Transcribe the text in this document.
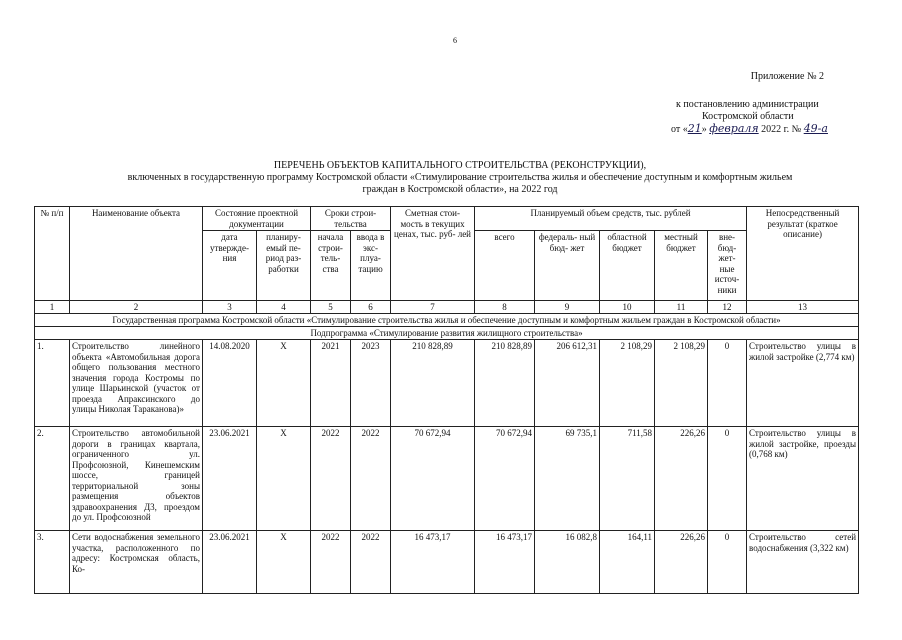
6
Приложение № 2
к постановлению администрации
Костромской области
от «21» февраля 2022 г. № 49-а
ПЕРЕЧЕНЬ ОБЪЕКТОВ КАПИТАЛЬНОГО СТРОИТЕЛЬСТВА (РЕКОНСТРУКЦИИ),
включенных в государственную программу Костромской области «Стимулирование строительства жилья и обеспечение доступным и комфортным жильем
граждан в Костромской области», на 2022 год
№ п/п	Наименование объекта	Состояние проектной документации		Сроки строи- тельства		Сметная стои- мость в текущих ценах, тыс. руб- лей	Планируемый объем средств, тыс. рублей					Непосредственный результат (краткое описание)
		дата утвержде- ния	планиру- емый пе- риод раз- работки	начала строи- тель- ства	ввода в экс- плуа- тацию		всего	федераль- ный бюд- жет	областной бюджет	местный бюджет	вне- бюд- жет- ные источ- ники	
1	2	3	4	5	6	7	8	9	10	11	12	13
Государственная программа Костромской области «Стимулирование строительства жилья и обеспечение доступным и комфортным жильем граждан в Костромской области»												
Подпрограмма «Стимулирование развития жилищного строительства»												
1.	Строительство линейного объекта «Автомобильная дорога общего пользования местного значения города Костромы по улице Шарьинской (участок от проезда Апраксинского до улицы Николая Тараканова)»	14.08.2020	Х	2021	2023	210 828,89	210 828,89	206 612,31	2 108,29	2 108,29	0	Строительство улицы в жилой застройке (2,774 км)
2.	Строительство автомобильной дороги в границах квартала, ограниченного ул. Профсоюзной, Кинешемским шоссе, границей территориальной зоны размещения объектов здравоохранения Д3, проездом до ул. Профсоюзной	23.06.2021	Х	2022	2022	70 672,94	70 672,94	69 735,1	711,58	226,26	0	Строительство улицы в жилой застройке, проезды (0,768 км)
3.	Сети водоснабжения земельного участка, расположенного по адресу: Костромская область, Ко-	23.06.2021	Х	2022	2022	16 473,17	16 473,17	16 082,8	164,11	226,26	0	Строительство сетей водоснабжения (3,322 км)
